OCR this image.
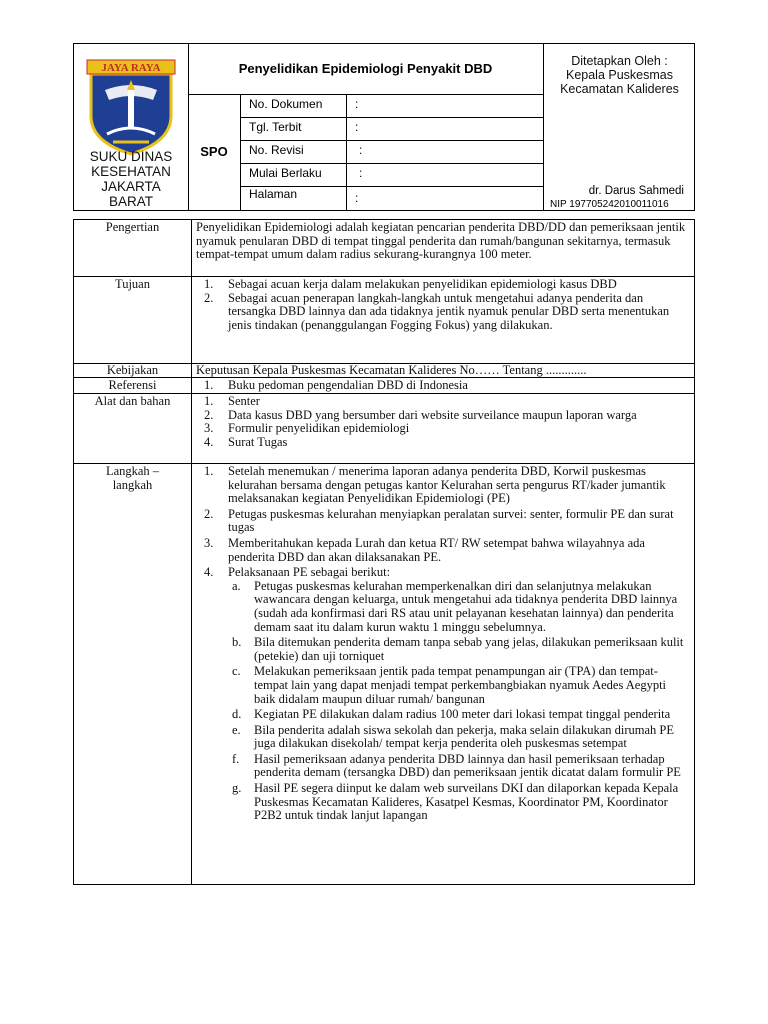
JAYA RAYA
SUKU DINAS
KESEHATAN
JAKARTA
BARAT
Penyelidikan Epidemiologi Penyakit DBD
SPO
No. Dokumen	:
Tgl. Terbit	:
No. Revisi	:
Mulai Berlaku	:
Halaman	:
Ditetapkan Oleh :
Kepala Puskesmas
Kecamatan Kalideres
dr. Darus Sahmedi
NIP 197705242010011016
Pengertian	Penyelidikan Epidemiologi adalah kegiatan pencarian penderita DBD/DD dan pemeriksaan jentik nyamuk penularan DBD di tempat tinggal penderita dan rumah/bangunan sekitarnya, termasuk tempat-tempat umum dalam radius sekurang-kurangnya 100 meter.

Tujuan	1. Sebagai acuan kerja dalam melakukan penyelidikan epidemiologi kasus DBD
2. Sebagai acuan penerapan langkah-langkah untuk mengetahui adanya penderita dan tersangka DBD lainnya dan ada tidaknya jentik nyamuk penular DBD serta menentukan jenis tindakan (penanggulangan Fogging Fokus) yang dilakukan.
Kebijakan	Keputusan Kepala Puskesmas Kecamatan Kalideres No…… Tentang .............

Referensi	1. Buku pedoman pengendalian DBD di Indonesia
Alat dan bahan	1. Senter
2. Data kasus DBD yang bersumber dari website surveilance maupun laporan warga
3. Formulir penyelidikan epidemiologi
4. Surat Tugas
Langkah –
langkah
1. Setelah menemukan / menerima laporan adanya penderita DBD, Korwil puskesmas kelurahan bersama dengan petugas kantor Kelurahan serta pengurus RT/kader jumantik melaksanakan kegiatan Penyelidikan Epidemiologi (PE)
2. Petugas puskesmas kelurahan menyiapkan peralatan survei: senter, formulir PE dan surat tugas
3. Memberitahukan kepada Lurah dan ketua RT/ RW setempat bahwa wilayahnya ada penderita DBD dan akan dilaksanakan PE.
4. Pelaksanaan PE sebagai berikut:
a. Petugas puskesmas kelurahan memperkenalkan diri dan selanjutnya melakukan wawancara dengan keluarga, untuk mengetahui ada tidaknya penderita DBD lainnya (sudah ada konfirmasi dari RS atau unit pelayanan kesehatan lainnya) dan penderita demam saat itu dalam kurun waktu 1 minggu sebelumnya.
b. Bila ditemukan penderita demam tanpa sebab yang jelas, dilakukan pemeriksaan kulit (petekie) dan uji torniquet
c. Melakukan pemeriksaan jentik pada tempat penampungan air (TPA) dan tempat-tempat lain yang dapat menjadi tempat perkembangbiakan nyamuk Aedes Aegypti baik didalam maupun diluar rumah/ bangunan
d. Kegiatan PE dilakukan dalam radius 100 meter dari lokasi tempat tinggal penderita
e. Bila penderita adalah siswa sekolah dan pekerja, maka selain dilakukan dirumah PE juga dilakukan disekolah/ tempat kerja penderita oleh puskesmas setempat
f. Hasil pemeriksaan adanya penderita DBD lainnya dan hasil pemeriksaan terhadap penderita demam (tersangka DBD) dan pemeriksaan jentik dicatat dalam formulir PE
g. Hasil PE segera diinput ke dalam web surveilans DKI dan dilaporkan kepada Kepala Puskesmas Kecamatan Kalideres, Kasatpel Kesmas, Koordinator PM, Koordinator P2B2 untuk tindak lanjut lapangan
